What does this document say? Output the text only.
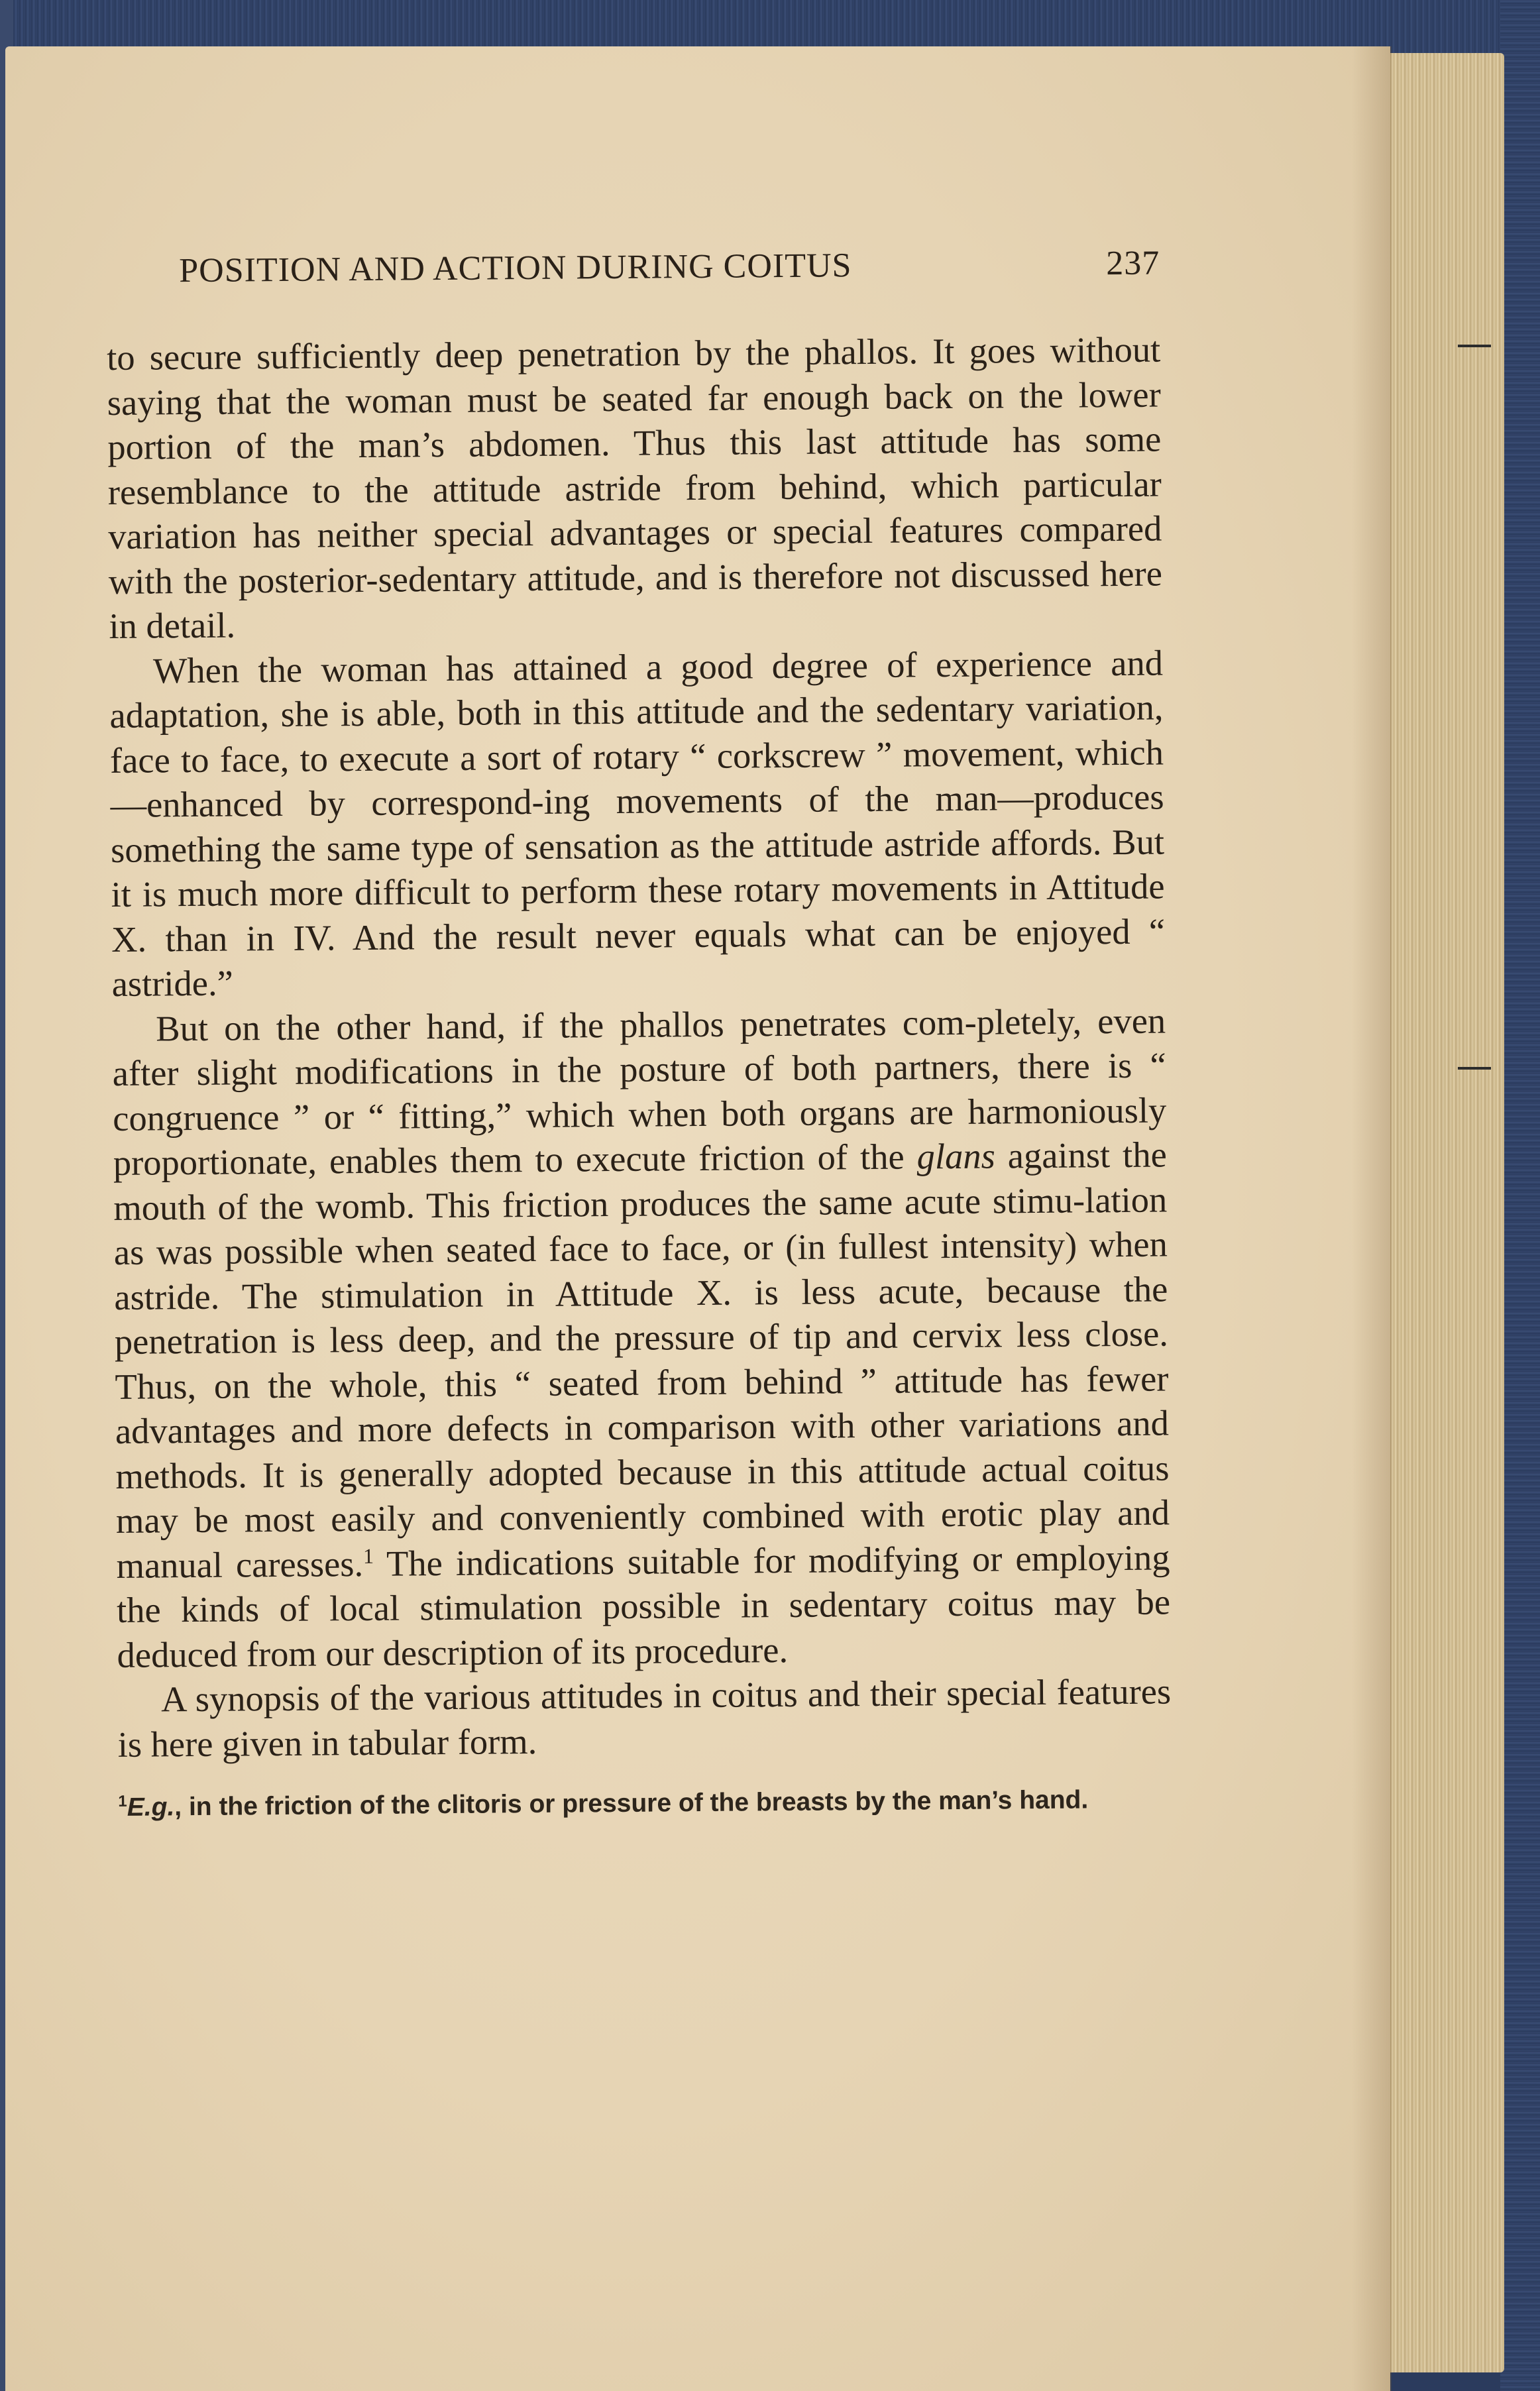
POSITION AND ACTION DURING COITUS	237

to secure sufficiently deep penetration by the phallos. It goes without saying that the woman must be seated far enough back on the lower portion of the man’s abdomen. Thus this last attitude has some resemblance to the attitude astride from behind, which particular variation has neither special advantages or special features compared with the posterior-sedentary attitude, and is therefore not discussed here in detail.

When the woman has attained a good degree of experience and adaptation, she is able, both in this attitude and the sedentary variation, face to face, to execute a sort of rotary “ corkscrew ” movement, which—enhanced by correspond-ing movements of the man—produces something the same type of sensation as the attitude astride affords. But it is much more difficult to perform these rotary movements in Attitude X. than in IV. And the result never equals what can be enjoyed “ astride.”

But on the other hand, if the phallos penetrates com-pletely, even after slight modifications in the posture of both partners, there is “ congruence ” or “ fitting,” which when both organs are harmoniously proportionate, enables them to execute friction of the glans against the mouth of the womb. This friction produces the same acute stimu-lation as was possible when seated face to face, or (in fullest intensity) when astride. The stimulation in Attitude X. is less acute, because the penetration is less deep, and the pressure of tip and cervix less close. Thus, on the whole, this “ seated from behind ” attitude has fewer advantages and more defects in comparison with other variations and methods. It is generally adopted because in this attitude actual coitus may be most easily and conveniently combined with erotic play and manual caresses.$^1$ The indications suitable for modifying or employing the kinds of local stimulation possible in sedentary coitus may be deduced from our description of its procedure.

A synopsis of the various attitudes in coitus and their special features is here given in tabular form.

$^1$E.g., in the friction of the clitoris or pressure of the breasts by the man’s hand.
